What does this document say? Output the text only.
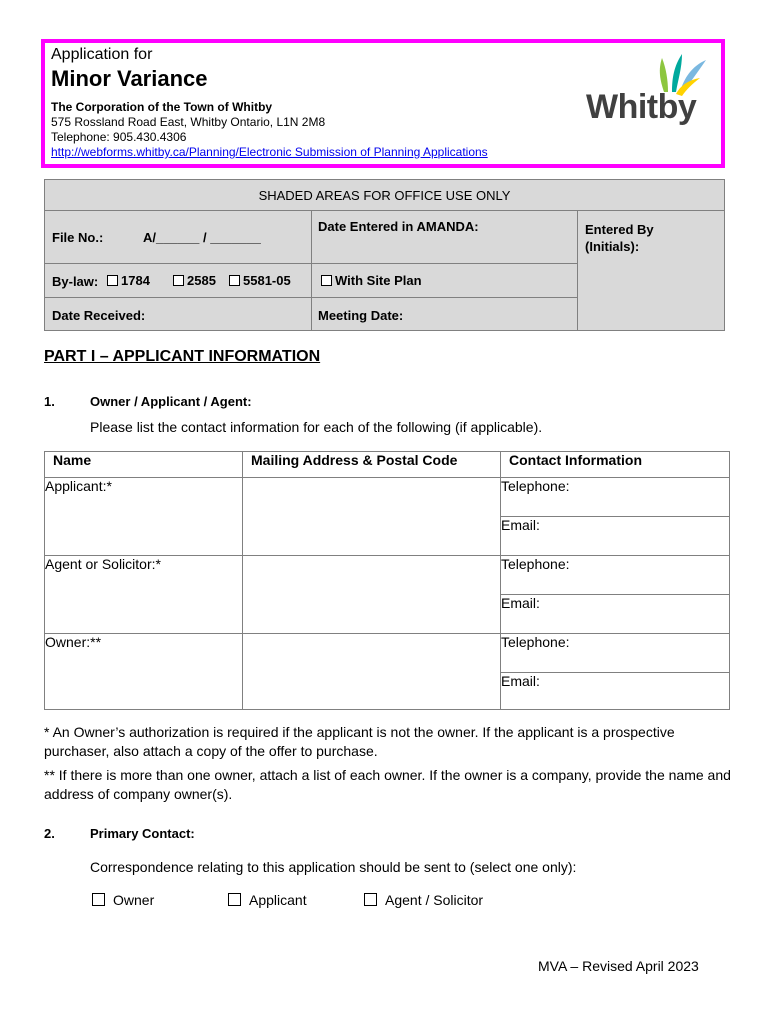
Application for
Minor Variance
The Corporation of the Town of Whitby
575 Rossland Road East, Whitby Ontario, L1N 2M8
Telephone: 905.430.4306
http://webforms.whitby.ca/Planning/Electronic Submission of Planning Applications
Whitby
SHADED AREAS FOR OFFICE USE ONLY
File No.:	A/______ / _______
Date Entered in AMANDA:	Entered By (Initials):
By-law:	1784	2585	5581-05	With Site Plan
Date Received:	Meeting Date:
PART I – APPLICANT INFORMATION
1.	Owner / Applicant / Agent:
Please list the contact information for each of the following (if applicable).
Name	Mailing Address & Postal Code	Contact Information
Applicant:*		Telephone:
		Email:
Agent or Solicitor:*		Telephone:
		Email:
Owner:**		Telephone:
		Email:
* An Owner’s authorization is required if the applicant is not the owner. If the applicant is a prospective purchaser, also attach a copy of the offer to purchase.
** If there is more than one owner, attach a list of each owner. If the owner is a company, provide the name and address of company owner(s).
2.	Primary Contact:
Correspondence relating to this application should be sent to (select one only):
Owner	Applicant	Agent / Solicitor
MVA – Revised April 2023
